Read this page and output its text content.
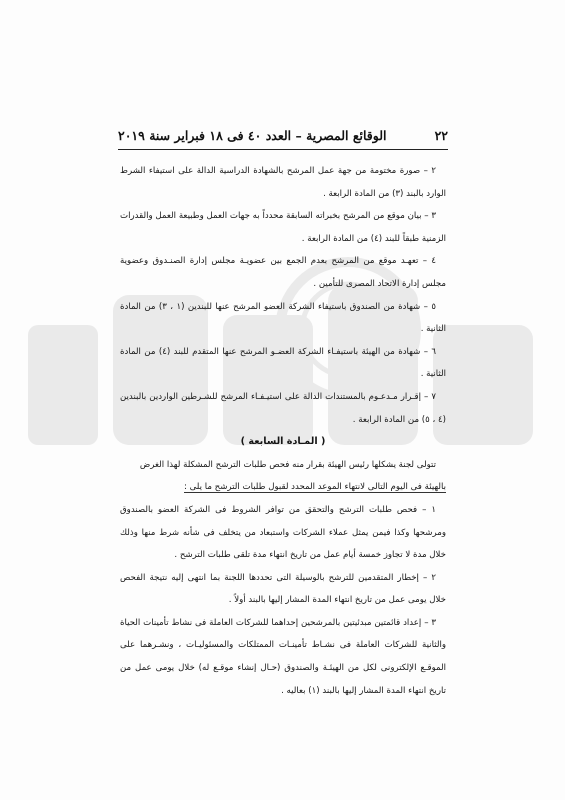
٢٢
الوقائع المصرية – العدد ٤٠ فى ١٨ فبراير سنة ٢٠١٩

٢ – صورة مختومة من جهة عمل المرشح بالشهادة الدراسية الدالة على استيفاء الشرط الوارد بالبند (٣) من المادة الرابعة .

٣ – بيان موقع من المرشح بخبراته السابقة محدداً به جهات العمل وطبيعة العمل والقدرات الزمنية طبقاً للبند (٤) من المادة الرابعة .

٤ – تعهـد موقع من المرشح بعدم الجمع بين عضويـة مجلس إدارة الصنـدوق وعضوية مجلس إدارة الاتحاد المصرى للتأمين .

٥ – شهادة من الصندوق باستيفاء الشركة العضو المرشح عنها للبندين (١ ، ٣) من المادة الثانية .

٦ – شهادة من الهيئة باستيفـاء الشركة العضـو المرشح عنها المتقدم للبند (٤) من المادة الثانية .

٧ – إقـرار مـدعـوم بالمستندات الدالة على استيـفـاء المرشح للشـرطين الواردين بالبندين (٤ ، ٥) من المادة الرابعة .

( المـادة السابعة )

تتولى لجنة يشكلها رئيس الهيئة بقرار منه فحص طلبات الترشح المشكلة لهذا الغرض

بالهيئة فى اليوم التالى لانتهاء الموعد المحدد لقبول طلبات الترشح ما يلى :

١ – فحص طلبات الترشح والتحقق من توافر الشروط فى الشركة العضو بالصندوق ومرشحها وكذا فيمن يمثل عملاء الشركات واستبعاد من يتخلف فى شأنه شرط منها وذلك خلال مدة لا تجاوز خمسة أيام عمل من تاريخ انتهاء مدة تلقى طلبات الترشح .

٢ – إخطار المتقدمين للترشح بالوسيلة التى تحددها اللجنة بما انتهى إليه نتيجة الفحص خلال يومى عمل من تاريخ انتهاء المدة المشار إليها بالبند أولاً .

٣ – إعداد قائمتين مبدئيتين بالمرشحين إحداهما للشركات العاملة فى نشاط تأمينات الحياة والثانية للشركات العاملة فى نشـاط تأمينـات الممتلكات والمسئوليـات ، ونشـرهما على الموقـع الإلكترونى لكل من الهيئـة والصندوق (حـال إنشاء موقـع له) خلال يومى عمل من تاريخ انتهاء المدة المشار إليها بالبند (١) بعاليه .
